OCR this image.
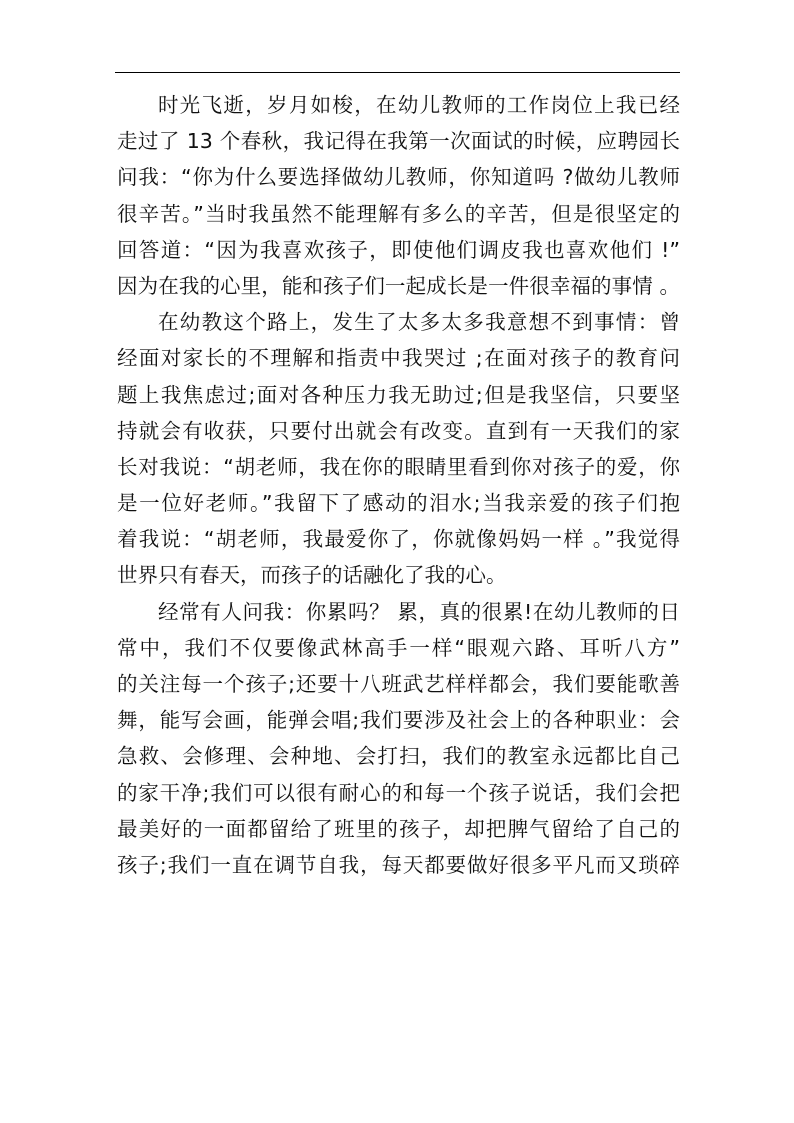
时光飞逝，岁月如梭，在幼儿教师的工作岗位上我已经
走过了 13 个春秋，我记得在我第一次面试的时候，应聘园长
问我：“你为什么要选择做幼儿教师，你知道吗 ?做幼儿教师
很辛苦。”当时我虽然不能理解有多么的辛苦，但是很坚定的
回答道：“因为我喜欢孩子，即使他们调皮我也喜欢他们 !”
因为在我的心里，能和孩子们一起成长是一件很幸福的事情 。
在幼教这个路上，发生了太多太多我意想不到事情：曾
经面对家长的不理解和指责中我哭过 ;在面对孩子的教育问
题上我焦虑过;面对各种压力我无助过;但是我坚信，只要坚
持就会有收获，只要付出就会有改变。直到有一天我们的家
长对我说：“胡老师，我在你的眼睛里看到你对孩子的爱，你
是一位好老师。”我留下了感动的泪水;当我亲爱的孩子们抱
着我说：“胡老师，我最爱你了，你就像妈妈一样 。”我觉得
世界只有春天，而孩子的话融化了我的心。
经常有人问我：你累吗？ 累，真的很累!在幼儿教师的日
常中，我们不仅要像武林高手一样“眼观六路、耳听八方”
的关注每一个孩子;还要十八班武艺样样都会，我们要能歌善
舞，能写会画，能弹会唱;我们要涉及社会上的各种职业：会
急救、会修理、会种地、会打扫，我们的教室永远都比自己
的家干净;我们可以很有耐心的和每一个孩子说话，我们会把
最美好的一面都留给了班里的孩子，却把脾气留给了自己的
孩子;我们一直在调节自我，每天都要做好很多平凡而又琐碎
